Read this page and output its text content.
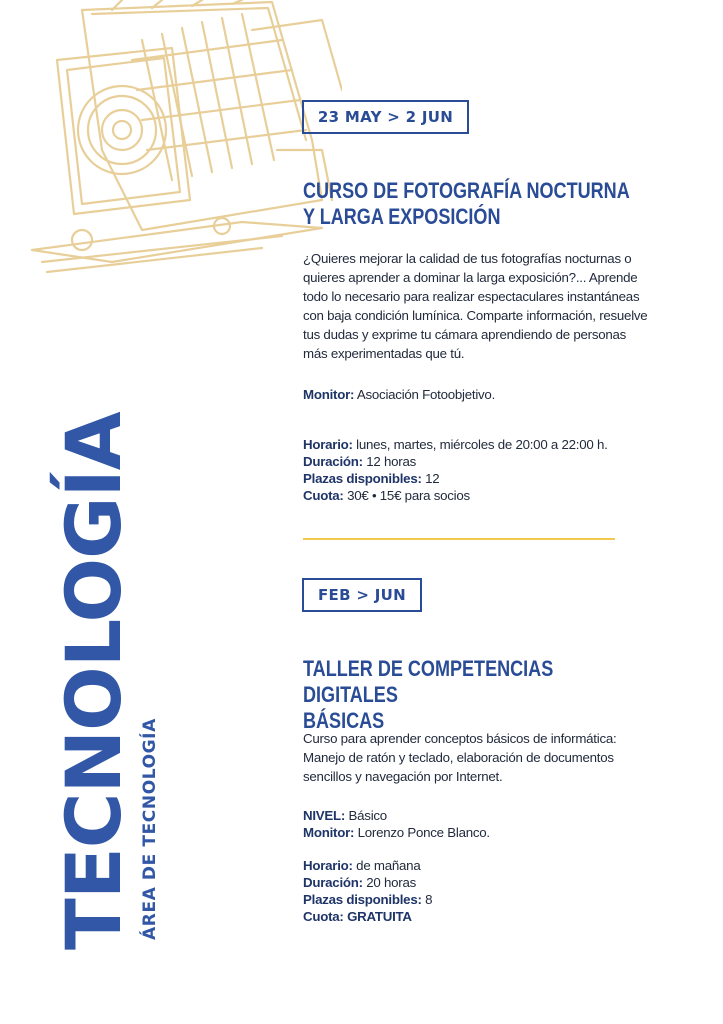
TECNOLOGÍA ÁREA DE TECNOLOGÍA
23 MAY > 2 JUN
CURSO DE FOTOGRAFÍA NOCTURNA
Y LARGA EXPOSICIÓN
¿Quieres mejorar la calidad de tus fotografías nocturnas o quieres aprender a dominar la larga exposición?... Aprende todo lo necesario para realizar espectaculares instantáneas con baja condición lumínica. Comparte información, resuelve tus dudas y exprime tu cámara aprendiendo de personas más experimentadas que tú.
Monitor: Asociación Fotoobjetivo.
Horario: lunes, martes, miércoles de 20:00 a 22:00 h.
Duración: 12 horas
Plazas disponibles: 12
Cuota: 30€ • 15€ para socios
FEB > JUN
TALLER DE COMPETENCIAS DIGITALES
BÁSICAS
Curso para aprender conceptos básicos de informática: Manejo de ratón y teclado, elaboración de documentos sencillos y navegación por Internet.
NIVEL: Básico
Monitor: Lorenzo Ponce Blanco.
Horario: de mañana
Duración: 20 horas
Plazas disponibles: 8
Cuota: GRATUITA
